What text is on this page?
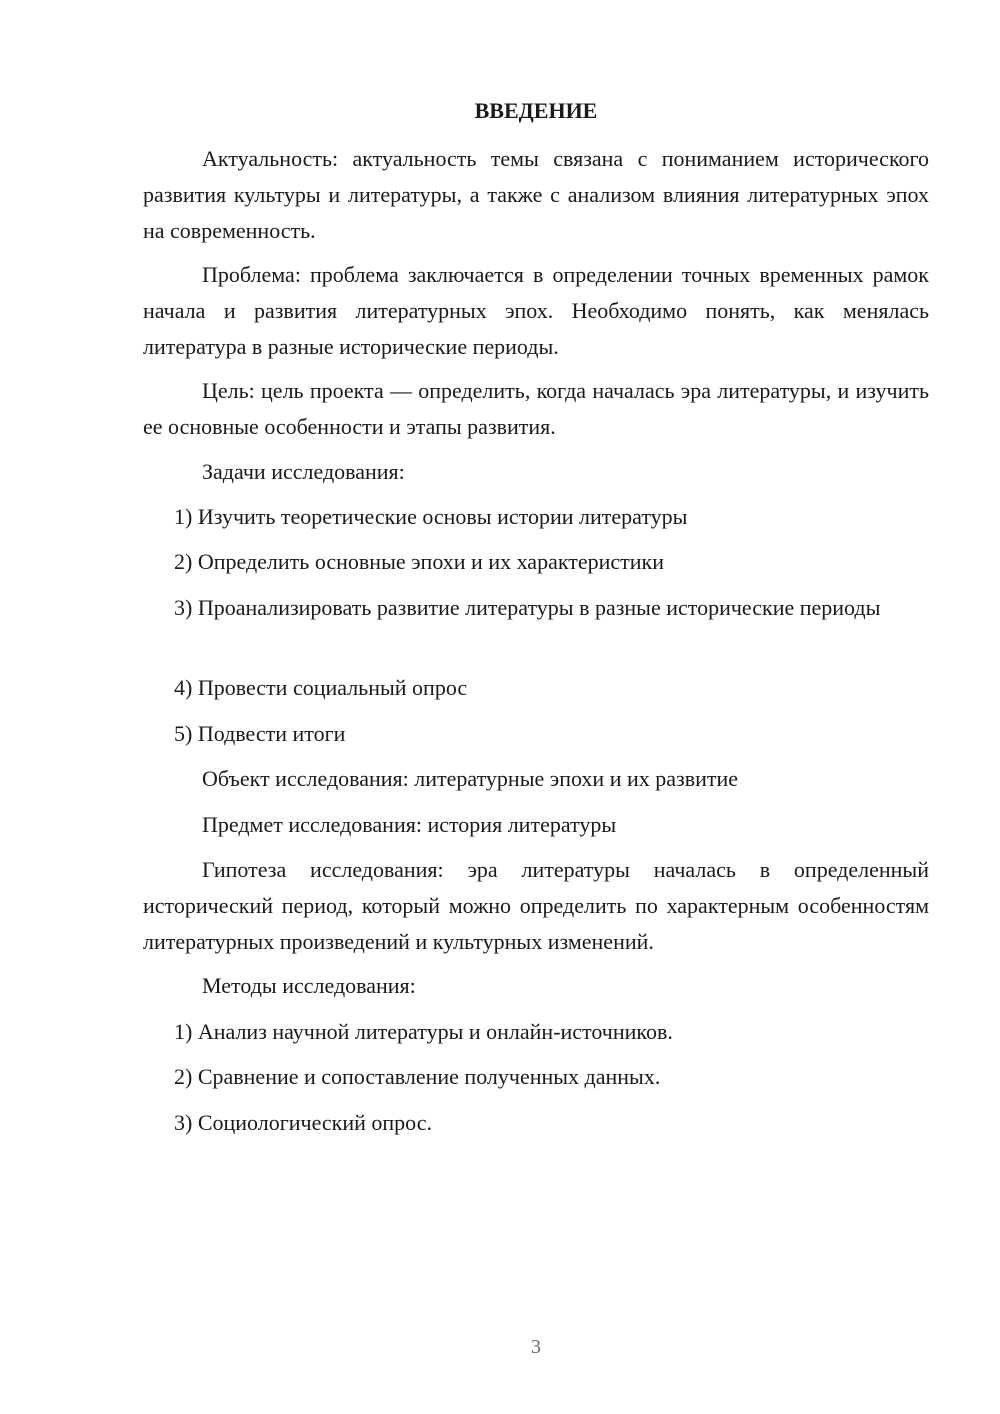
ВВЕДЕНИЕ

Актуальность: актуальность темы связана с пониманием исторического развития культуры и литературы, а также с анализом влияния литературных эпох на современность.

Проблема: проблема заключается в определении точных временных рамок начала и развития литературных эпох. Необходимо понять, как менялась литература в разные исторические периоды.

Цель: цель проекта — определить, когда началась эра литературы, и изучить ее основные особенности и этапы развития.

Задачи исследования:

1) Изучить теоретические основы истории литературы

2) Определить основные эпохи и их характеристики

3) Проанализировать развитие литературы в разные исторические периоды

4) Провести социальный опрос

5) Подвести итоги

Объект исследования: литературные эпохи и их развитие

Предмет исследования: история литературы

Гипотеза исследования: эра литературы началась в определенный исторический период, который можно определить по характерным особенностям литературных произведений и культурных изменений.

Методы исследования:

1) Анализ научной литературы и онлайн-источников.

2) Сравнение и сопоставление полученных данных.

3) Социологический опрос.

3
